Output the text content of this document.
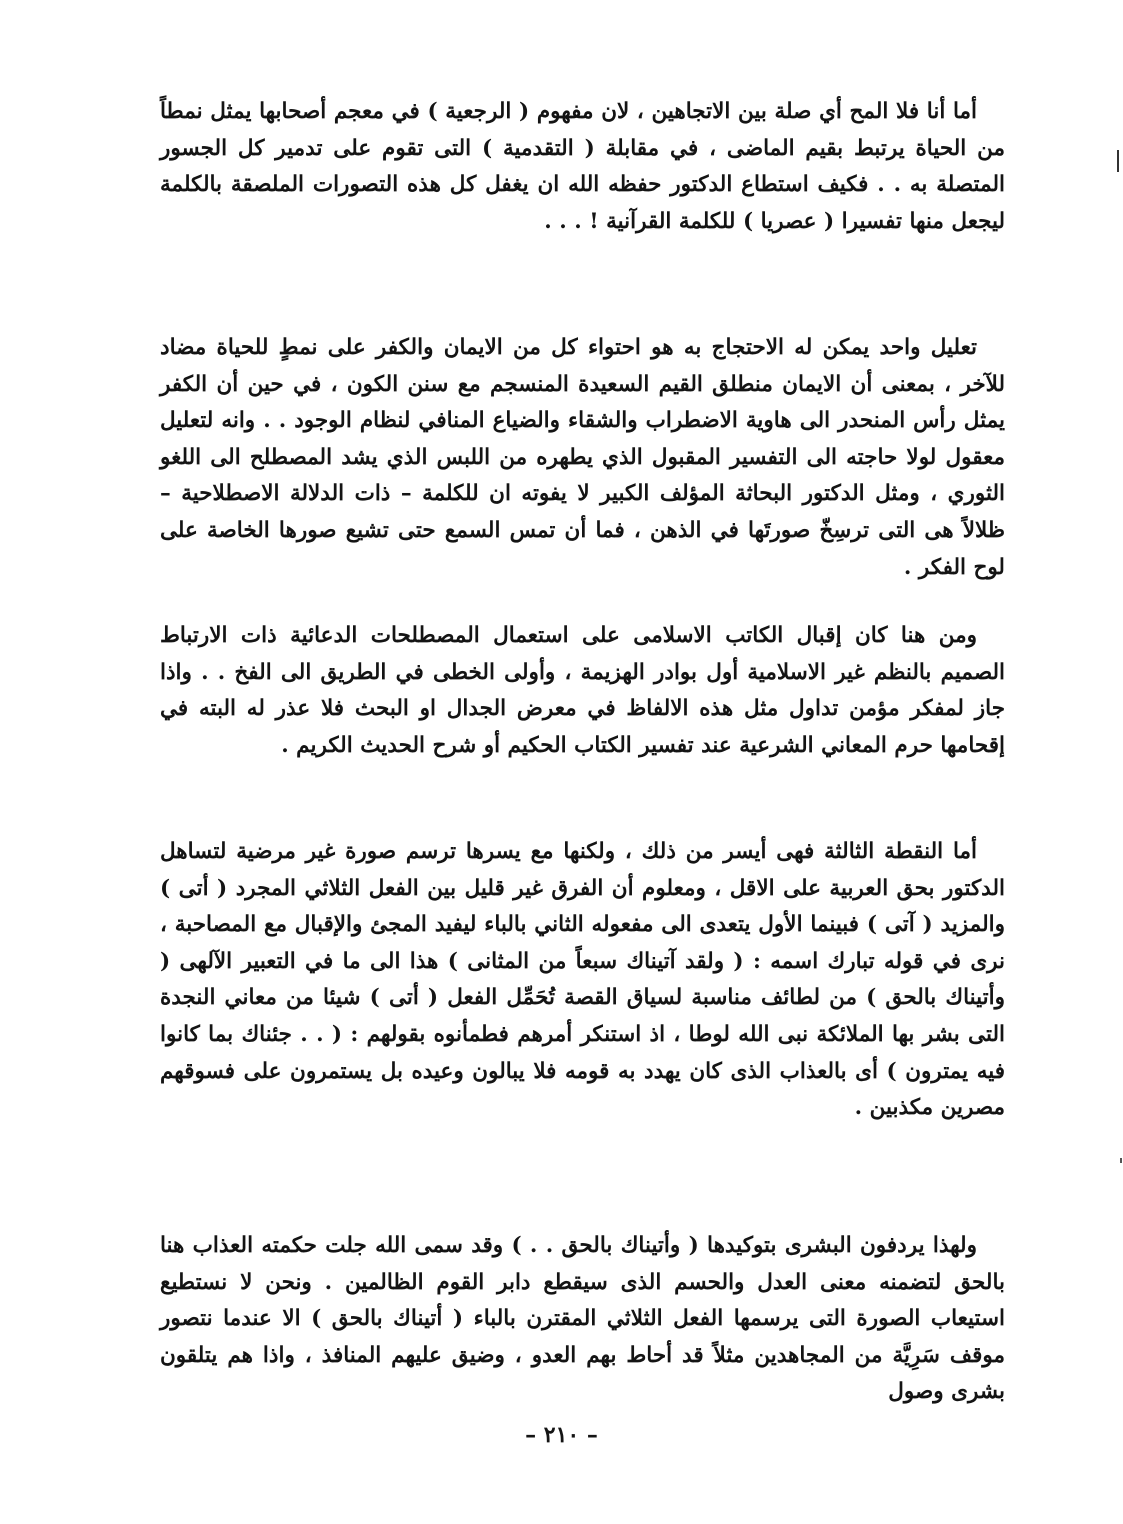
أما أنا فلا المح أي صلة بين الاتجاهين ، لان مفهوم ( الرجعية ) في معجم أصحابها يمثل نمطاً من الحياة يرتبط بقيم الماضى ، في مقابلة ( التقدمية ) التى تقوم على تدمير كل الجسور المتصلة به . . فكيف استطاع الدكتور حفظه الله ان يغفل كل هذه التصورات الملصقة بالكلمة ليجعل منها تفسيرا ( عصريا ) للكلمة القرآنية ! . . .

تعليل واحد يمكن له الاحتجاج به هو احتواء كل من الايمان والكفر على نمطٍ للحياة مضاد للآخر ، بمعنى أن الايمان منطلق القيم السعيدة المنسجم مع سنن الكون ، في حين أن الكفر يمثل رأس المنحدر الى هاوية الاضطراب والشقاء والضياع المنافي لنظام الوجود . . وانه لتعليل معقول لولا حاجته الى التفسير المقبول الذي يطهره من اللبس الذي يشد المصطلح الى اللغو الثوري ، ومثل الدكتور البحاثة المؤلف الكبير لا يفوته ان للكلمة – ذات الدلالة الاصطلاحية – ظلالاً هى التى ترسِخّ صورتَها في الذهن ، فما أن تمس السمع حتى تشيع صورها الخاصة على لوح الفكر .

ومن هنا كان إقبال الكاتب الاسلامى على استعمال المصطلحات الدعائية ذات الارتباط الصميم بالنظم غير الاسلامية أول بوادر الهزيمة ، وأولى الخطى في الطريق الى الفخ . . واذا جاز لمفكر مؤمن تداول مثل هذه الالفاظ في معرض الجدال او البحث فلا عذر له البته في إقحامها حرم المعاني الشرعية عند تفسير الكتاب الحكيم أو شرح الحديث الكريم .

أما النقطة الثالثة فهى أيسر من ذلك ، ولكنها مع يسرها ترسم صورة غير مرضية لتساهل الدكتور بحق العربية على الاقل ، ومعلوم أن الفرق غير قليل بين الفعل الثلاثي المجرد ( أتى ) والمزيد ( آتى ) فبينما الأول يتعدى الى مفعوله الثاني بالباء ليفيد المجئ والإقبال مع المصاحبة ، نرى في قوله تبارك اسمه : ( ولقد آتيناك سبعاً من المثانى ) هذا الى ما في التعبير الآلهى ( وأتيناك بالحق ) من لطائف مناسبة لسياق القصة تُحَمِّل الفعل ( أتى ) شيئا من معاني النجدة التى بشر بها الملائكة نبى الله لوطا ، اذ استنكر أمرهم فطمأنوه بقولهم : ( . . جئناك بما كانوا فيه يمترون ) أى بالعذاب الذى كان يهدد به قومه فلا يبالون وعيده بل يستمرون على فسوقهم مصرين مكذبين .

ولهذا يردفون البشرى بتوكيدها ( وأتيناك بالحق . . ) وقد سمى الله جلت حكمته العذاب هنا بالحق لتضمنه معنى العدل والحسم الذى سيقطع دابر القوم الظالمين . ونحن لا نستطيع استيعاب الصورة التى يرسمها الفعل الثلاثي المقترن بالباء ( أتيناك بالحق ) الا عندما نتصور موقف سَرِيَّة من المجاهدين مثلاً قد أحاط بهم العدو ، وضيق عليهم المنافذ ، واذا هم يتلقون بشرى وصول

– ٢١٠ –
